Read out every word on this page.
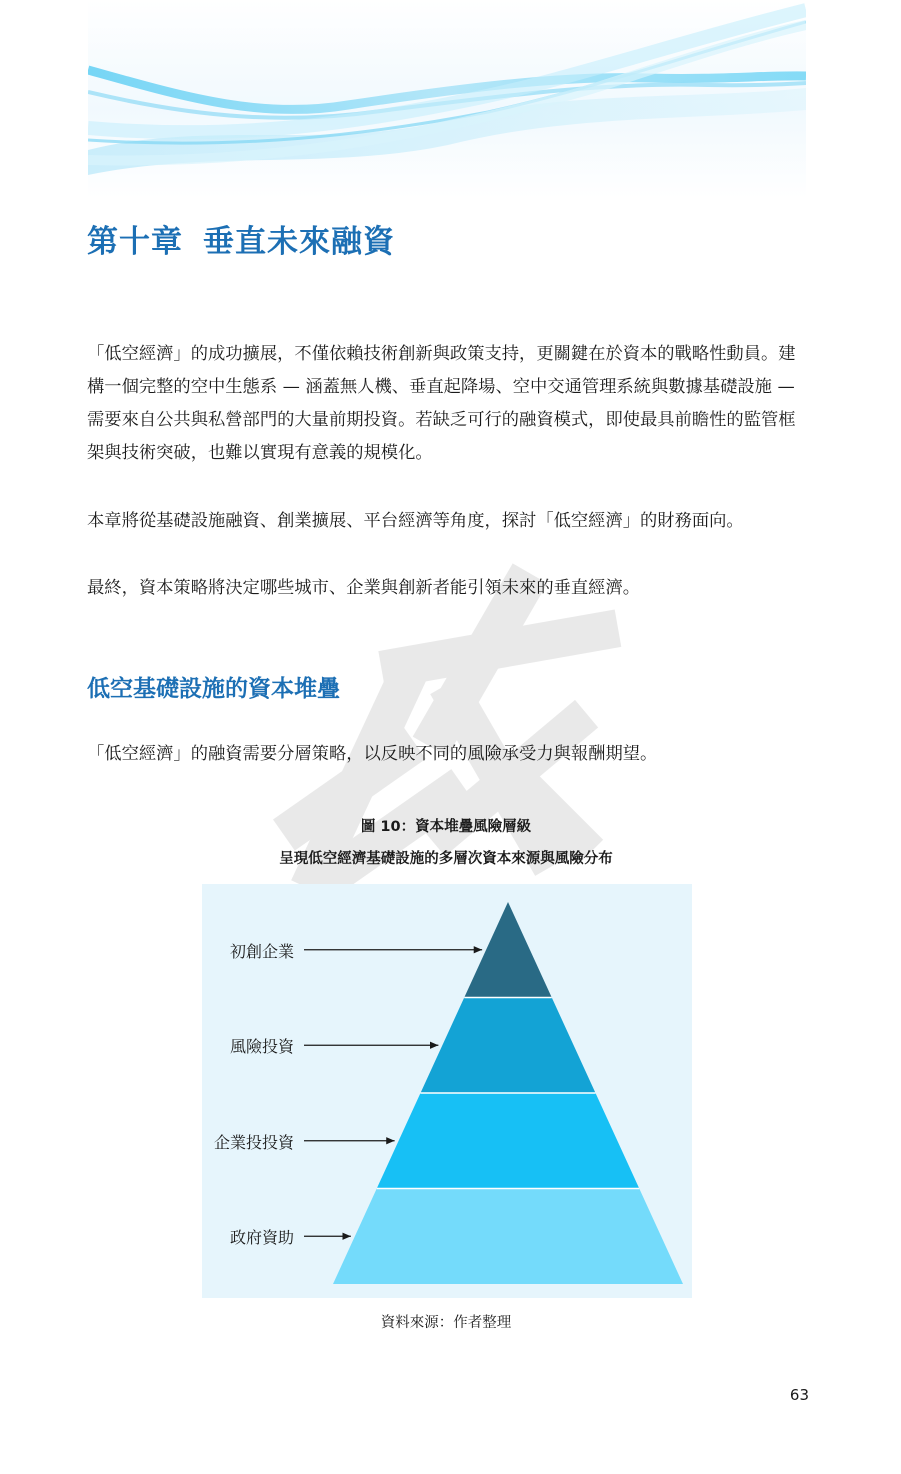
第十章 垂直未來融資

「低空經濟」的成功擴展，不僅依賴技術創新與政策支持，更關鍵在於資本的戰略性動員。建構一個完整的空中生態系 — 涵蓋無人機、垂直起降場、空中交通管理系統與數據基礎設施 — 需要來自公共與私營部門的大量前期投資。若缺乏可行的融資模式，即使最具前瞻性的監管框架與技術突破，也難以實現有意義的規模化。

本章將從基礎設施融資、創業擴展、平台經濟等角度，探討「低空經濟」的財務面向。

最終，資本策略將決定哪些城市、企業與創新者能引領未來的垂直經濟。

低空基礎設施的資本堆疊

「低空經濟」的融資需要分層策略，以反映不同的風險承受力與報酬期望。

圖 10：資本堆疊風險層級
呈現低空經濟基礎設施的多層次資本來源與風險分布
初創企業
風險投資
企業投投資
政府資助
資料來源：作者整理
63
